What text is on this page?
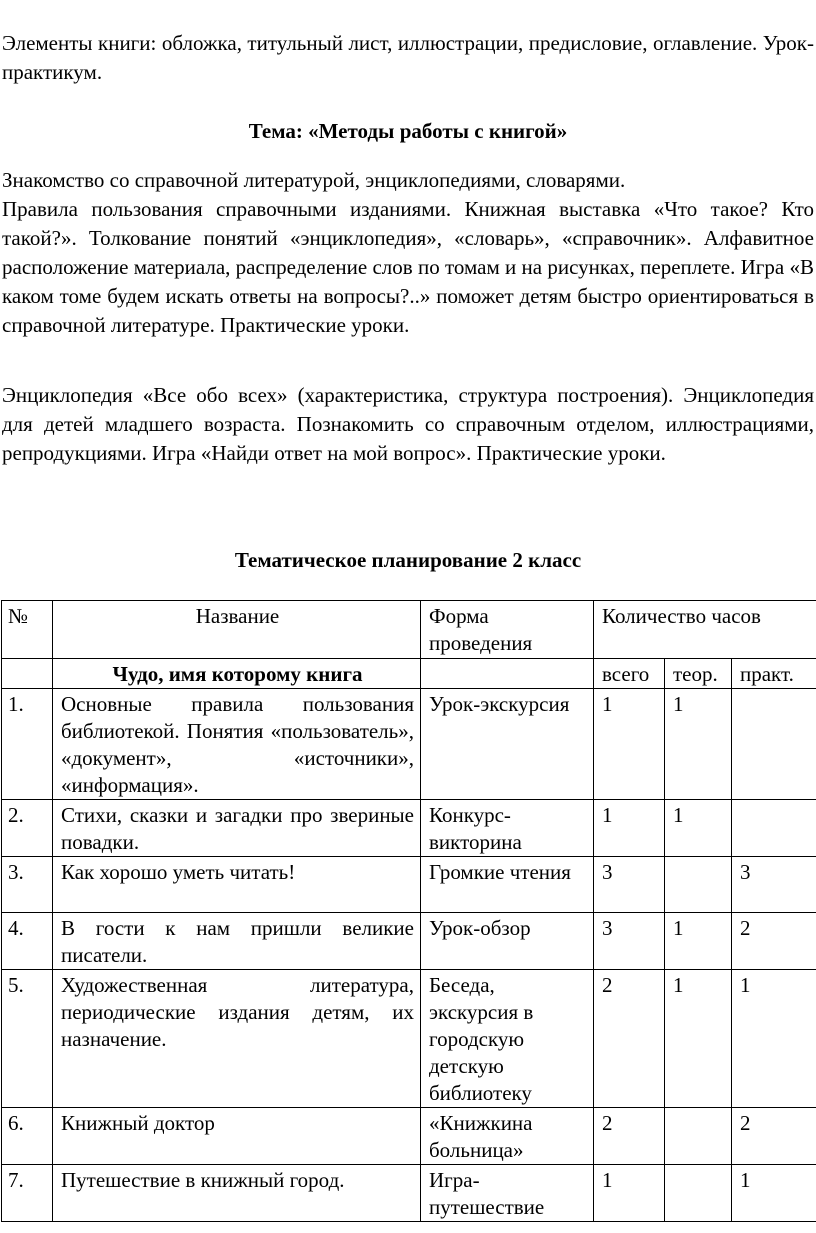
Элементы книги: обложка, титульный лист, иллюстрации, предисловие, оглавление. Урок-практикум.

Тема: «Методы работы с книгой»

Знакомство со справочной литературой, энциклопедиями, словарями.

Правила пользования справочными изданиями. Книжная выставка «Что такое? Кто такой?». Толкование понятий «энциклопедия», «словарь», «справочник». Алфавитное расположение материала, распределение слов по томам и на рисунках, переплете. Игра «В каком томе будем искать ответы на вопросы?..» поможет детям быстро ориентироваться в справочной литературе. Практические уроки.

Энциклопедия «Все обо всех» (характеристика, структура построения). Энциклопедия для детей младшего возраста. Познакомить со справочным отделом, иллюстрациями, репродукциями. Игра «Найди ответ на мой вопрос». Практические уроки.

Тематическое планирование 2 класс

№	Название	Форма проведения	Количество часов		
	Чудо, имя которому книга		всего	теор.	практ.
1.	Основные правила пользования библиотекой. Понятия «пользователь», «документ», «источники», «информация».	Урок-экскурсия	1	1	
2.	Стихи, сказки и загадки про звериные повадки.	Конкурс-викторина	1	1	
3.	Как хорошо уметь читать!	Громкие чтения	3		3
4.	В гости к нам пришли великие писатели.	Урок-обзор	3	1	2
5.	Художественная литература, периодические издания детям, их назначение.	Беседа, экскурсия в городскую детскую библиотеку	2	1	1
6.	Книжный доктор	«Книжкина больница»	2		2
7.	Путешествие в книжный город.	Игра-путешествие	1		1
